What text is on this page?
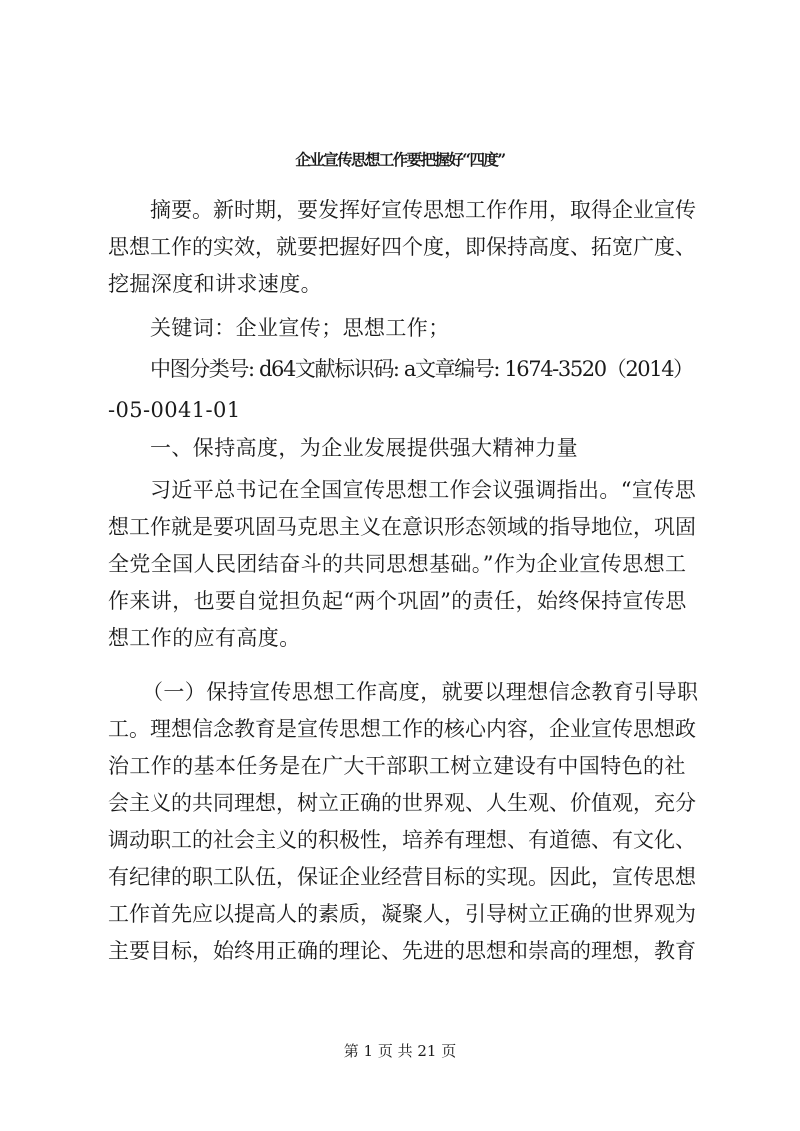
企业宣传思想工作要把握好“四度”
摘要。新时期，要发挥好宣传思想工作作用，取得企业宣传
思想工作的实效，就要把握好四个度，即保持高度、拓宽广度、
挖掘深度和讲求速度。
关键词：企业宣传；思想工作；
中图分类号: d64文献标识码: a文章编号: 1674-3520（2014）
-05-0041-01
一、保持高度，为企业发展提供强大精神力量
习近平总书记在全国宣传思想工作会议强调指出。“宣传思
想工作就是要巩固马克思主义在意识形态领域的指导地位，巩固
全党全国人民团结奋斗的共同思想基础。”作为企业宣传思想工
作来讲，也要自觉担负起“两个巩固”的责任，始终保持宣传思
想工作的应有高度。
（一）保持宣传思想工作高度，就要以理想信念教育引导职
工。理想信念教育是宣传思想工作的核心内容，企业宣传思想政
治工作的基本任务是在广大干部职工树立建设有中国特色的社
会主义的共同理想，树立正确的世界观、人生观、价值观，充分
调动职工的社会主义的积极性，培养有理想、有道德、有文化、
有纪律的职工队伍，保证企业经营目标的实现。因此，宣传思想
工作首先应以提高人的素质，凝聚人，引导树立正确的世界观为
主要目标，始终用正确的理论、先进的思想和崇高的理想，教育
第 1 页 共 21 页
